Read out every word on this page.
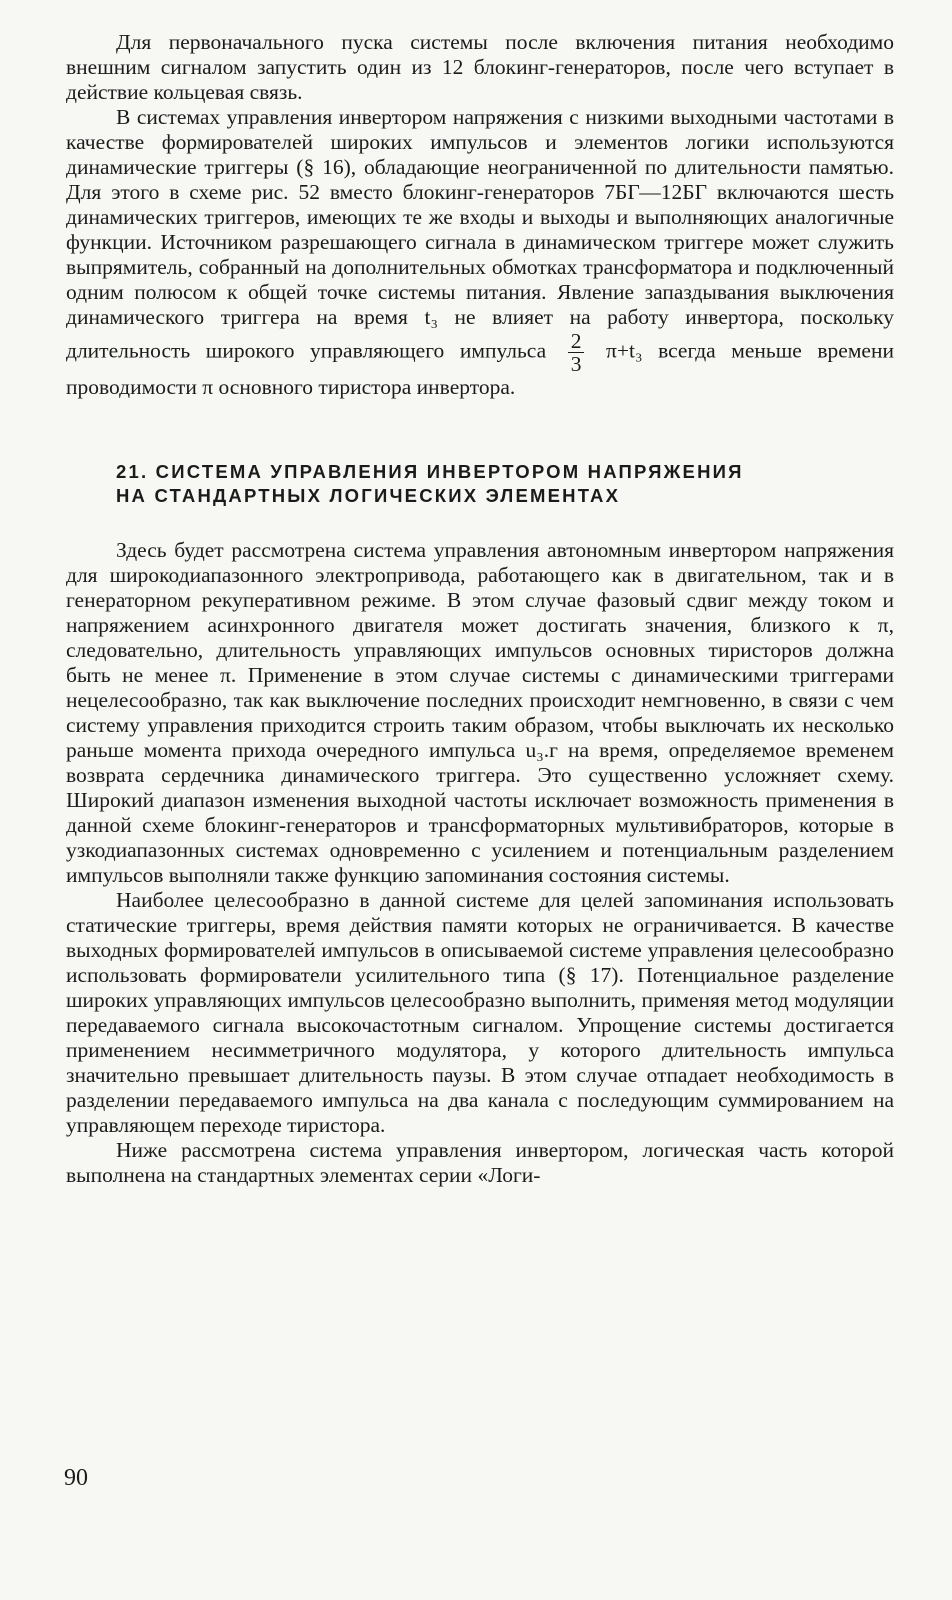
Для первоначального пуска системы после включения питания необходимо внешним сигналом запустить один из 12 блокинг-генераторов, после чего вступает в действие кольцевая связь.

В системах управления инвертором напряжения с низкими выходными частотами в качестве формирователей широких импульсов и элементов логики используются динамические триггеры (§ 16), обладающие неограниченной по длительности памятью. Для этого в схеме рис. 52 вместо блокинг-генераторов 7БГ—12БГ включаются шесть динамических триггеров, имеющих те же входы и выходы и выполняющих аналогичные функции. Источником разрешающего сигнала в динамическом триггере может служить выпрямитель, собранный на дополнительных обмотках трансформатора и подключенный одним полюсом к общей точке системы питания. Явление запаздывания выключения динамического триггера на время t₃ не влияет на работу инвертора, поскольку длительность широкого управляющего импульса $\frac{2}{3} \pi+t_3$ всегда меньше времени проводимости π основного тиристора инвертора.

21. СИСТЕМА УПРАВЛЕНИЯ ИНВЕРТОРОМ НАПРЯЖЕНИЯ
НА СТАНДАРТНЫХ ЛОГИЧЕСКИХ ЭЛЕМЕНТАХ

Здесь будет рассмотрена система управления автономным инвертором напряжения для широкодиапазонного электропривода, работающего как в двигательном, так и в генераторном рекуперативном режиме. В этом случае фазовый сдвиг между током и напряжением асинхронного двигателя может достигать значения, близкого к π, следовательно, длительность управляющих импульсов основных тиристоров должна быть не менее π. Применение в этом случае системы с динамическими триггерами нецелесообразно, так как выключение последних происходит немгновенно, в связи с чем систему управления приходится строить таким образом, чтобы выключать их несколько раньше момента прихода очередного импульса u₃.г на время, определяемое временем возврата сердечника динамического триггера. Это существенно усложняет схему. Широкий диапазон изменения выходной частоты исключает возможность применения в данной схеме блокинг-генераторов и трансформаторных мультивибраторов, которые в узкодиапазонных системах одновременно с усилением и потенциальным разделением импульсов выполняли также функцию запоминания состояния системы.

Наиболее целесообразно в данной системе для целей запоминания использовать статические триггеры, время действия памяти которых не ограничивается. В качестве выходных формирователей импульсов в описываемой системе управления целесообразно использовать формирователи усилительного типа (§ 17). Потенциальное разделение широких управляющих импульсов целесообразно выполнить, применяя метод модуляции передаваемого сигнала высокочастотным сигналом. Упрощение системы достигается применением несимметричного модулятора, у которого длительность импульса значительно превышает длительность паузы. В этом случае отпадает необходимость в разделении передаваемого импульса на два канала с последующим суммированием на управляющем переходе тиристора.

Ниже рассмотрена система управления инвертором, логическая часть которой выполнена на стандартных элементах серии «Логи-

90
